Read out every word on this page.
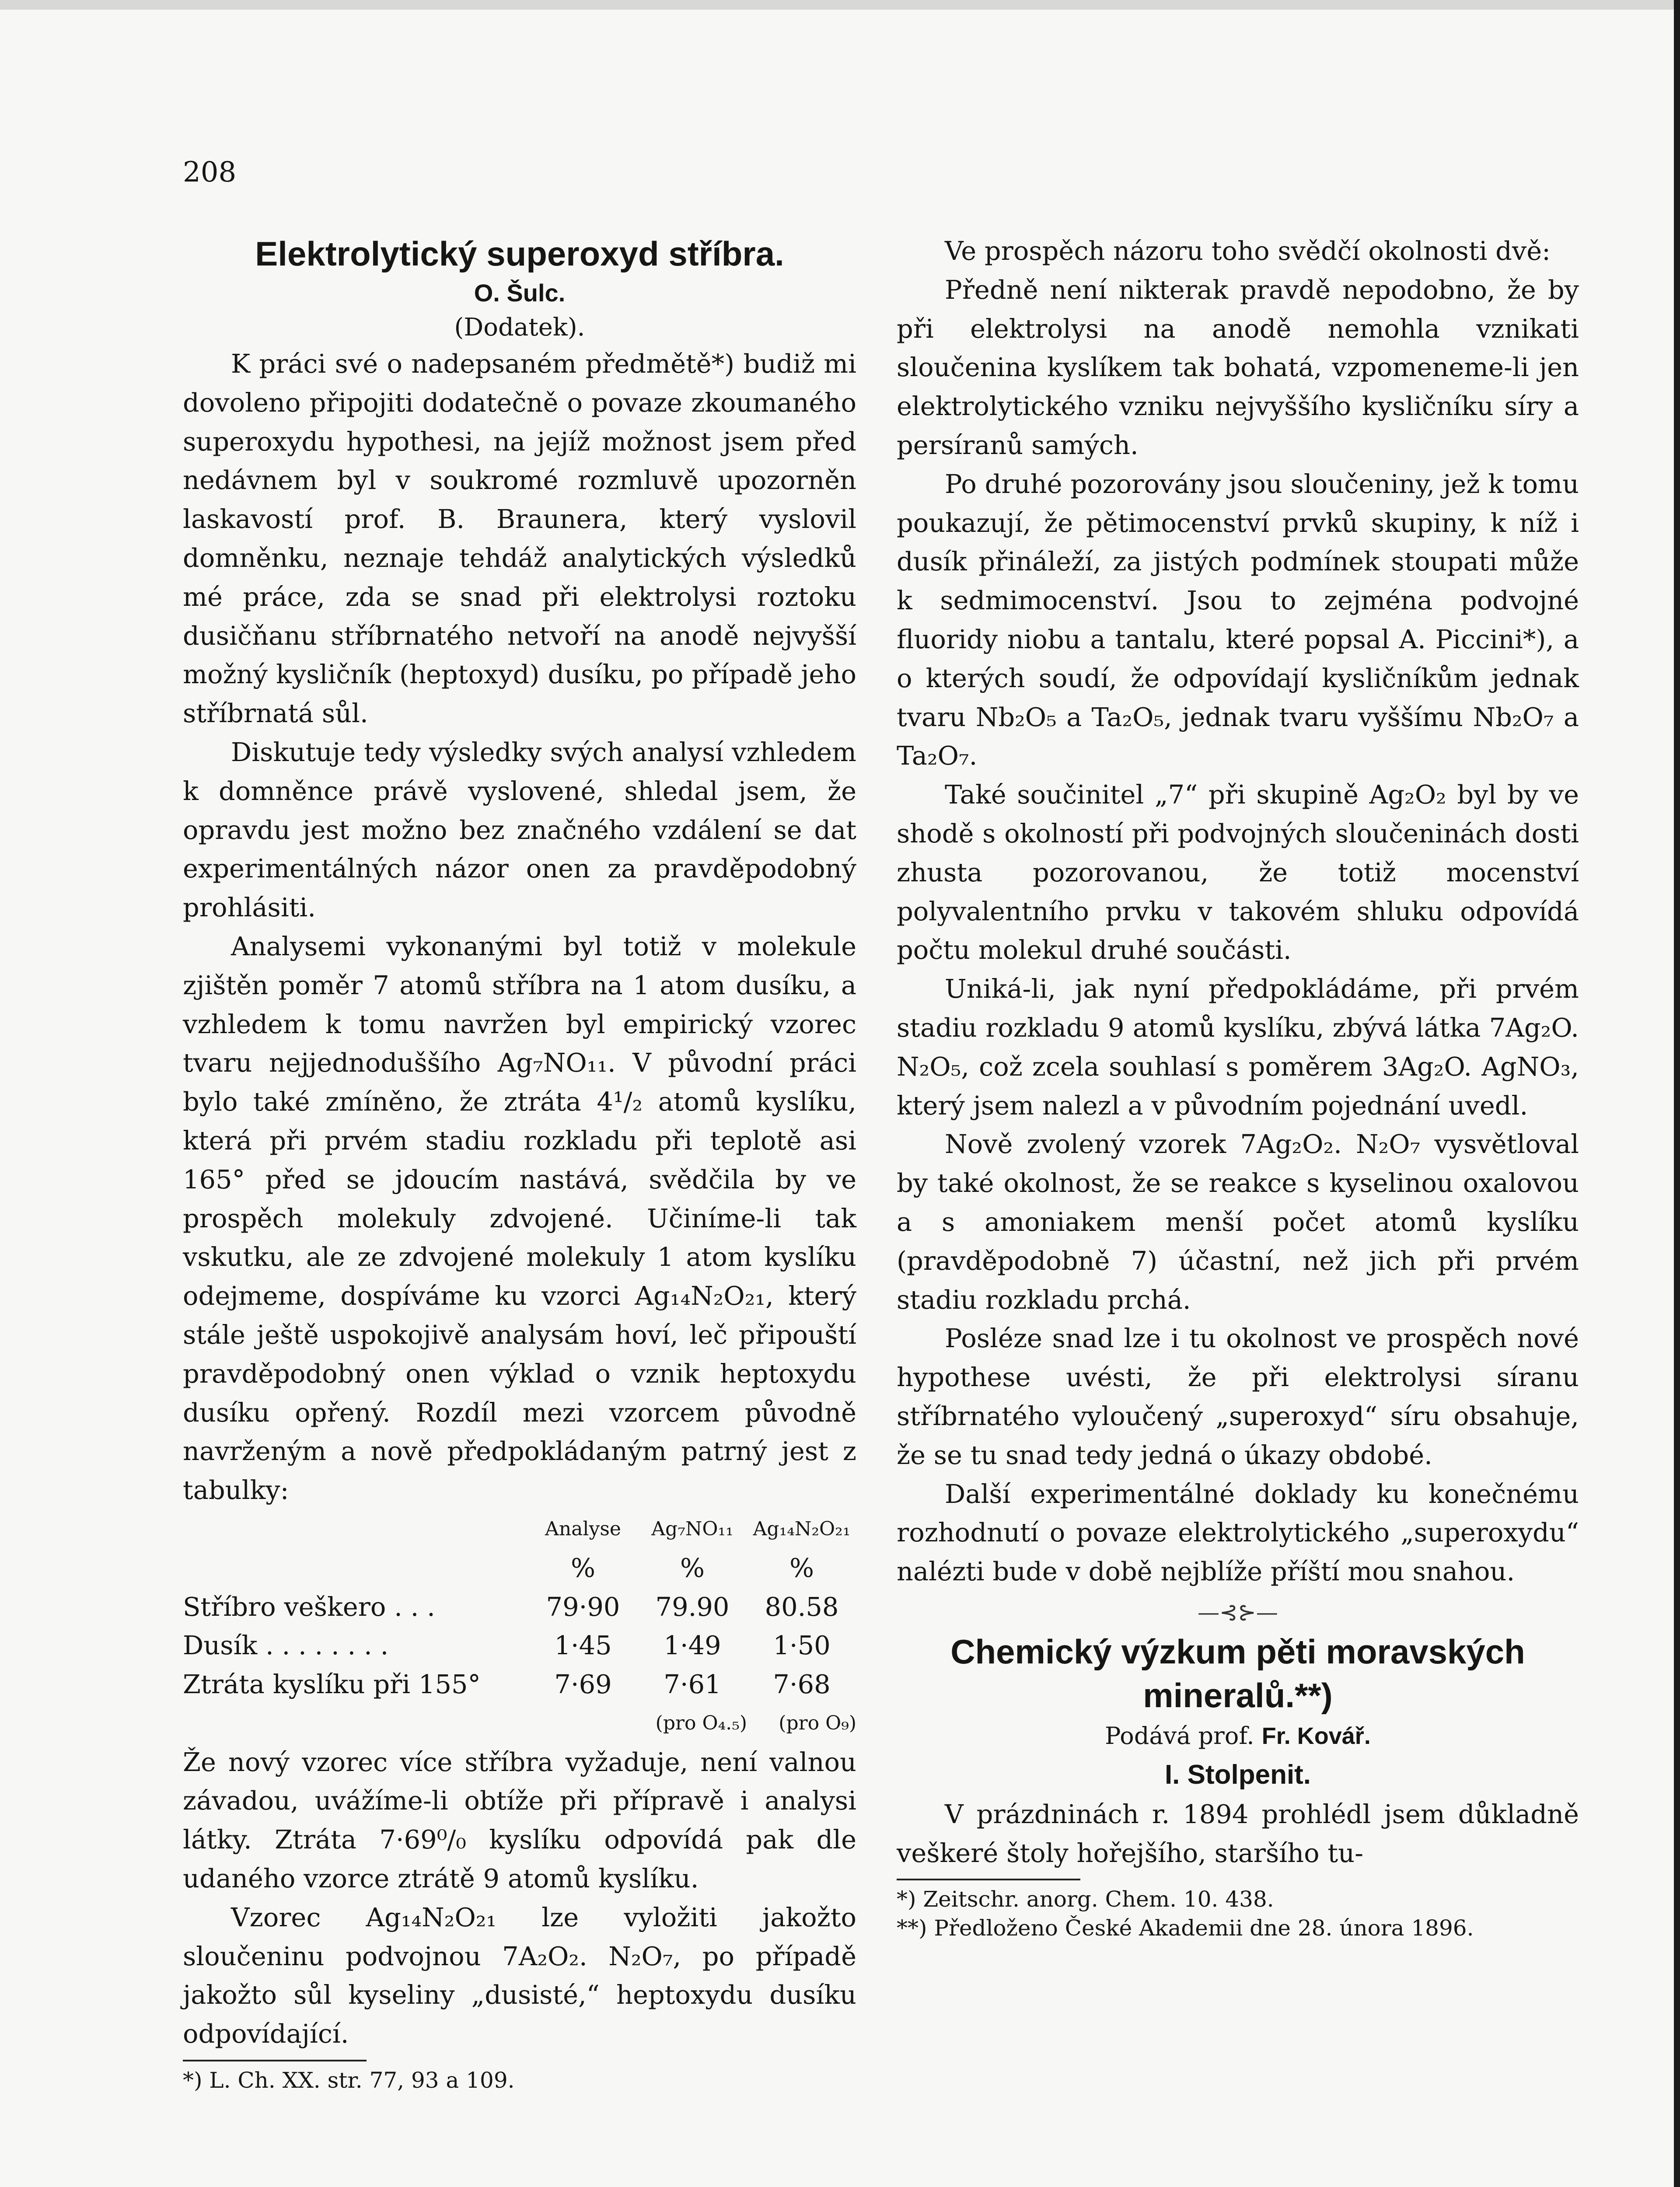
208
Elektrolytický superoxyd stříbra.

O. Šulc.

(Dodatek).

K práci své o nadepsaném předmětě*) budiž mi dovoleno připojiti dodatečně o povaze zkoumaného superoxydu hypothesi, na jejíž možnost jsem před nedávnem byl v soukromé rozmluvě upozorněn laskavostí prof. B. Braunera, který vyslovil domněnku, neznaje tehdáž analytických výsledků mé práce, zda se snad při elektrolysi roztoku dusičňanu stříbrnatého netvoří na anodě nejvyšší možný kysličník (heptoxyd) dusíku, po případě jeho stříbrnatá sůl.

Diskutuje tedy výsledky svých analysí vzhledem k domněnce právě vyslovené, shledal jsem, že opravdu jest možno bez značného vzdálení se dat experimentálných názor onen za pravděpodobný prohlásiti.

Analysemi vykonanými byl totiž v molekule zjištěn poměr 7 atomů stříbra na 1 atom dusíku, a vzhledem k tomu navržen byl empirický vzorec tvaru nejjednoduššího Ag₇NO₁₁. V původní práci bylo také zmíněno, že ztráta 4¹/₂ atomů kyslíku, která při prvém stadiu rozkladu při teplotě asi 165° před se jdoucím nastává, svědčila by ve prospěch molekuly zdvojené. Učiníme-li tak vskutku, ale ze zdvojené molekuly 1 atom kyslíku odejmeme, dospíváme ku vzorci Ag₁₄N₂O₂₁, který stále ještě uspokojivě analysám hoví, leč připouští pravděpodobný onen výklad o vznik heptoxydu dusíku opřený. Rozdíl mezi vzorcem původně navrženým a nově předpokládaným patrný jest z tabulky:

	Analyse	Ag₇NO₁₁	Ag₁₄N₂O₂₁
	%	%	%
Stříbro veškero . . .	79·90	79.90	80.58
Dusík . . . . . . . .	1·45	1·49	1·50
Ztráta kyslíku při 155°	7·69	7·61	7·68
		(pro O₄.₅)	(pro O₉)

Že nový vzorec více stříbra vyžaduje, není valnou závadou, uvážíme-li obtíže při přípravě i analysi látky. Ztráta 7·69⁰/₀ kyslíku odpovídá pak dle udaného vzorce ztrátě 9 atomů kyslíku.

Vzorec Ag₁₄N₂O₂₁ lze vyložiti jakožto sloučeninu podvojnou 7A₂O₂. N₂O₇, po případě jakožto sůl kyseliny „dusisté,“ heptoxydu dusíku odpovídající.

*) L. Ch. XX. str. 77, 93 a 109.

Ve prospěch názoru toho svědčí okolnosti dvě:

Předně není nikterak pravdě nepodobno, že by při elektrolysi na anodě nemohla vznikati sloučenina kyslíkem tak bohatá, vzpomeneme-li jen elektrolytického vzniku nejvyššího kysličníku síry a persíranů samých.

Po druhé pozorovány jsou sloučeniny, jež k tomu poukazují, že pětimocenství prvků skupiny, k níž i dusík přináleží, za jistých podmínek stoupati může k sedmimocenství. Jsou to zejména podvojné fluoridy niobu a tantalu, které popsal A. Piccini*), a o kterých soudí, že odpovídají kysličníkům jednak tvaru Nb₂O₅ a Ta₂O₅, jednak tvaru vyššímu Nb₂O₇ a Ta₂O₇.

Také součinitel „7“ při skupině Ag₂O₂ byl by ve shodě s okolností při podvojných sloučeninách dosti zhusta pozorovanou, že totiž mocenství polyvalentního prvku v takovém shluku odpovídá počtu molekul druhé součásti.

Uniká-li, jak nyní předpokládáme, při prvém stadiu rozkladu 9 atomů kyslíku, zbývá látka 7Ag₂O. N₂O₅, což zcela souhlasí s poměrem 3Ag₂O. AgNO₃, který jsem nalezl a v původním pojednání uvedl.

Nově zvolený vzorek 7Ag₂O₂. N₂O₇ vysvětloval by také okolnost, že se reakce s kyselinou oxalovou a s amoniakem menší počet atomů kyslíku (pravděpodobně 7) účastní, než jich při prvém stadiu rozkladu prchá.

Posléze snad lze i tu okolnost ve prospěch nové hypothese uvésti, že při elektrolysi síranu stříbrnatého vyloučený „superoxyd“ síru obsahuje, že se tu snad tedy jedná o úkazy obdobé.

Další experimentálné doklady ku konečnému rozhodnutí o povaze elektrolytického „superoxydu“ nalézti bude v době nejblíže příští mou snahou.

—⊰⊱—

Chemický výzkum pěti moravských mineralů.**)

Podává prof. Fr. Kovář.

I. Stolpenit.

V prázdninách r. 1894 prohlédl jsem důkladně veškeré štoly hořejšího, staršího tu-

*) Zeitschr. anorg. Chem. 10. 438.

**) Předloženo České Akademii dne 28. února 1896.
